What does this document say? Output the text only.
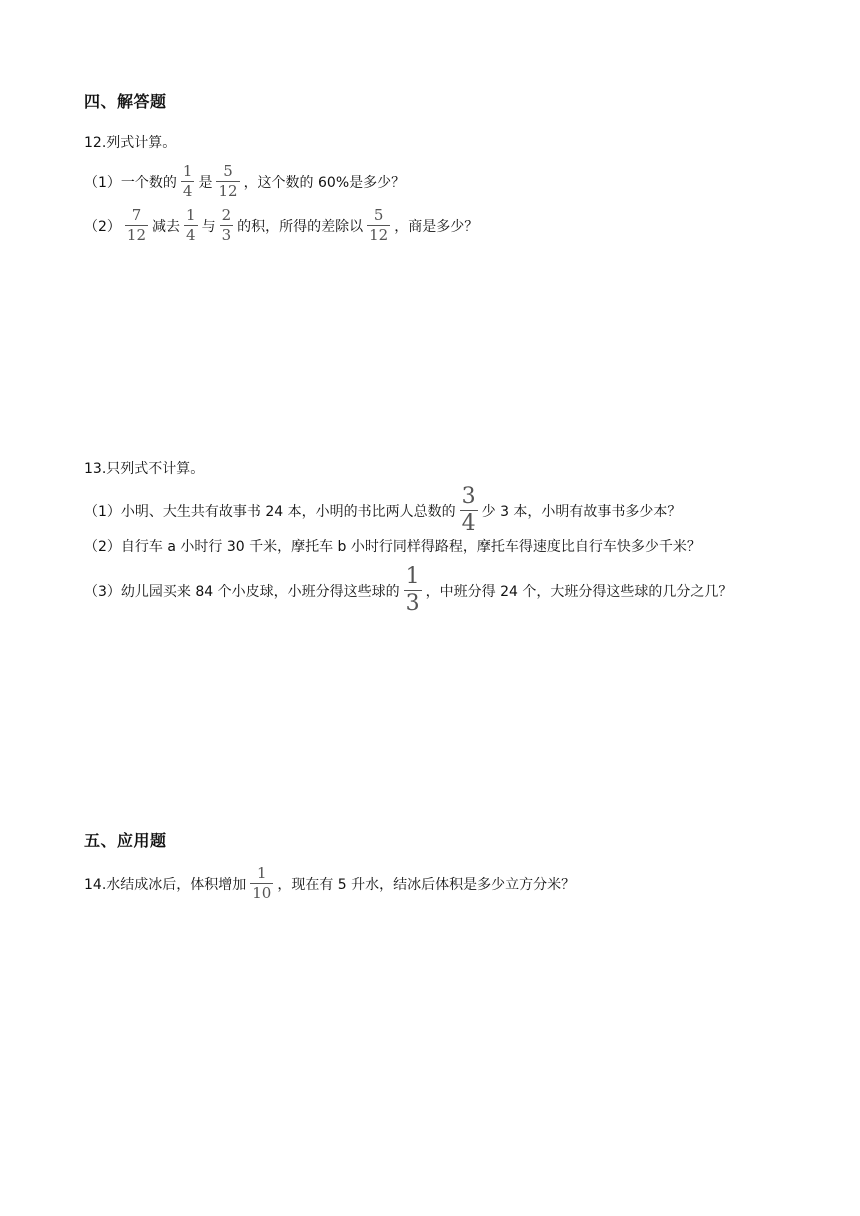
四、解答题
12.列式计算。
（1）一个数的 $\frac{1}{4}$ 是 $\frac{5}{12}$ ，这个数的 60%是多少？
$(2) \frac{7}{12}$ 减去 $\frac{1}{4}$ 与 $\frac{2}{3}$ 的积，所得的差除以 $\frac{5}{12}$ ，商是多少？
13.只列式不计算。
（1）小明、大生共有故事书 24 本，小明的书比两人总数的 $\frac{3}{4}$ 少 3 本，小明有故事书多少本？
（2）自行车 a 小时行 30 千米，摩托车 b 小时行同样得路程，摩托车得速度比自行车快多少千米？
（3）幼儿园买来 84 个小皮球，小班分得这些球的 $\frac{1}{3}$ ，中班分得 24 个，大班分得这些球的几分之几？
五、应用题
14.水结成冰后，体积增加 $\frac{1}{10}$ ，现在有 5 升水，结冰后体积是多少立方分米？
